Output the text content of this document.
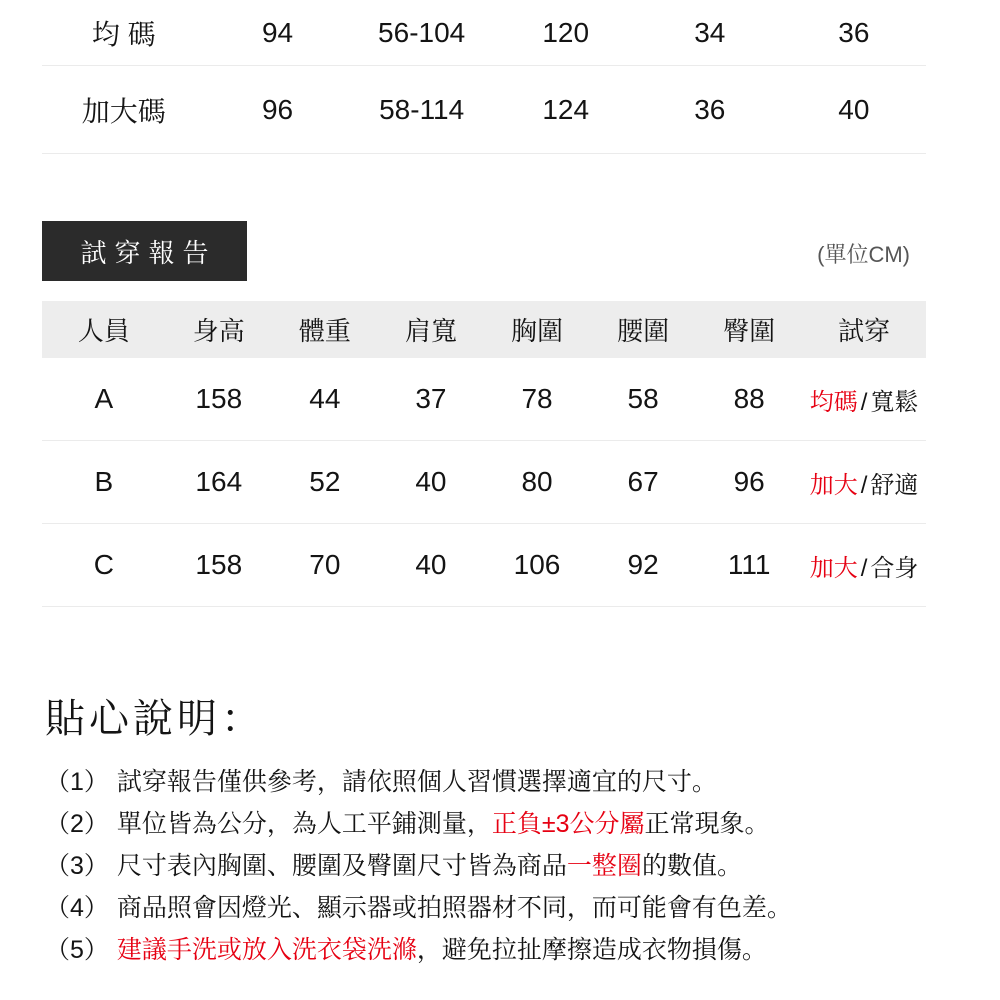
均 碼	94	56-104	120	34	36
加大碼	96	58-114	124	36	40
試穿報告	(單位CM)
人員	身高	體重	肩寬	胸圍	腰圍	臀圍	試穿
A	158	44	37	78	58	88	均碼 / 寬鬆
B	164	52	40	80	67	96	加大 / 舒適
C	158	70	40	106	92	111	加大 / 合身
貼心說明：
（1） 試穿報告僅供參考，請依照個人習慣選擇適宜的尺寸。
（2） 單位皆為公分，為人工平鋪測量，正負±3公分屬正常現象。
（3） 尺寸表內胸圍、腰圍及臀圍尺寸皆為商品一整圈的數值。
（4） 商品照會因燈光、顯示器或拍照器材不同，而可能會有色差。
（5） 建議手洗或放入洗衣袋洗滌，避免拉扯摩擦造成衣物損傷。
